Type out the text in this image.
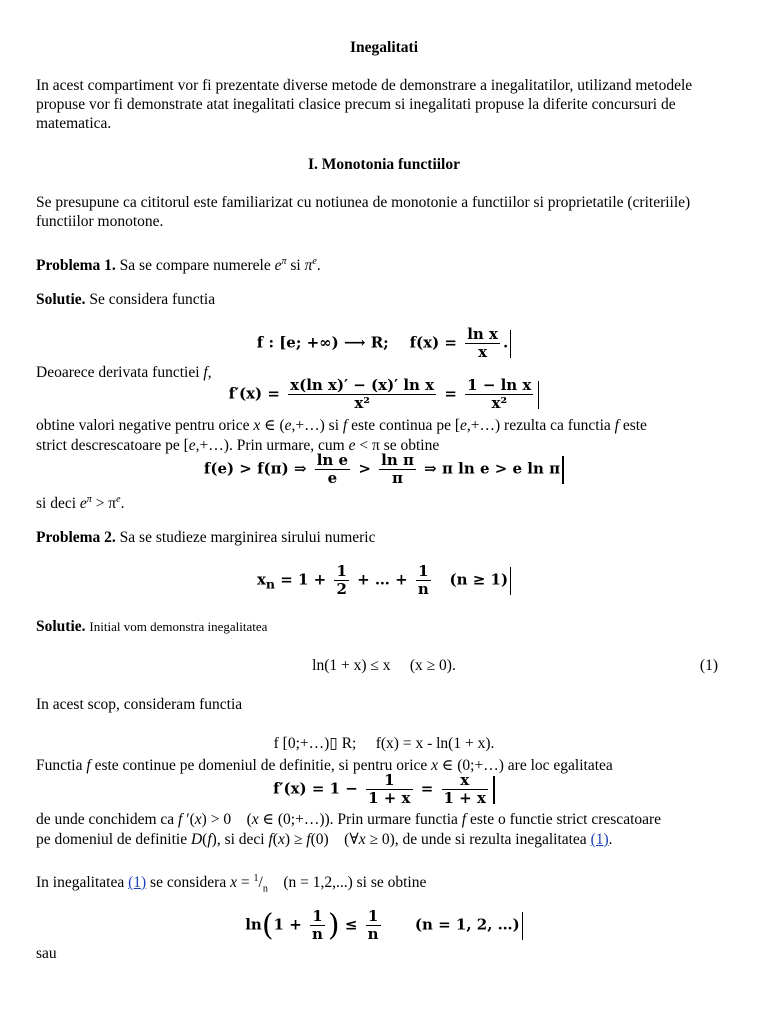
Inegalitati
In acest compartiment vor fi prezentate diverse metode de demonstrare a inegalitatilor, utilizand metodele propuse vor fi demonstrate atat inegalitati clasice precum si inegalitati propuse la diferite concursuri de matematica.
I. Monotonia functiilor
Se presupune ca cititorul este familiarizat cu notiunea de monotonie a functiilor si proprietatile (criteriile) functiilor monotone.
Problema 1. Sa se compare numerele $e^\pi$ si $\pi^e$.
Solutie. Se considera functia
f : [e; +∞) ⟶ R;    $f(x) = \frac{\text{ln x}}{x}$ .
Deoarece derivata functiei f,
$f'(x) = \frac{\text{x(ln x)′ − (x)′ ln x}}{\text{x²}} = \frac{\text{1 − ln x}}{\text{x²}}$
obtine valori negative pentru orice x ∈ (e,+…) si f este continua pe [e,+…) rezulta ca functia f este
strict descrescatoare pe [e,+…). Prin urmare, cum e < π se obtine
f(e) > f(π) ⇒ $\frac{\text{ln e}}{e} > \frac{\text{ln π}}{\pi}$ ⇒ π ln e > e ln π
si deci $e^\pi > \pi^e$.
Problema 2. Sa se studieze marginirea sirului numeric
$x_n = 1 + \frac{1}{2}$ + … + $\frac{1}{n} (n \ge 1)$
Solutie. Initial vom demonstra inegalitatea
ln(1 + x) ≤ x     (x ≥ 0).	(1)
In acest scop, consideram functia
f [0;+…)▯ R;     f(x) = x - ln(1 + x).
Functia f este continue pe domeniul de definitie, si pentru orice x ∈ (0;+…) are loc egalitatea
$f'(x) = 1 - \frac{1}{1 + x} = \frac{x}{1 + x}$
de unde conchidem ca f ′(x) > 0    (x ∈ (0;+…)). Prin urmare functia f este o functie strict crescatoare
pe domeniul de definitie D(f), si deci f(x) ≥ f(0)    (∀x ≥ 0), de unde si rezulta inegalitatea (1).
In inegalitatea (1) se considera $x = ^1/_n$ (n = 1,2,...) si se obtine
$\ln(1 + \frac{1}{n}$ ) ≤ $\frac{1}{n} (n = 1$, 2, …)
sau
